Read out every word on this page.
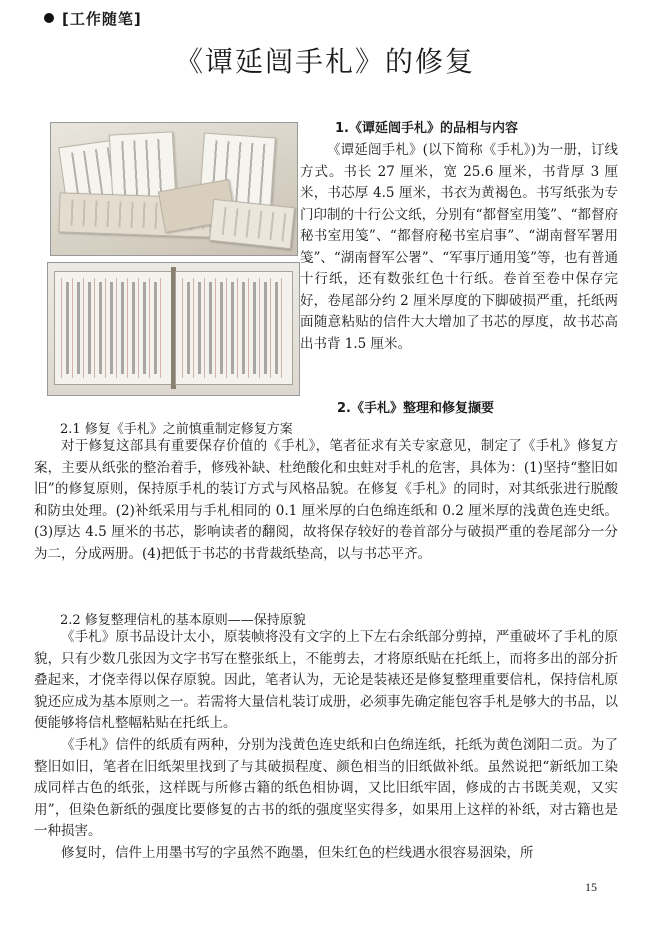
[工作随笔]
《谭延闿手札》的修复
1.《谭延闿手札》的品相与内容
《谭延闿手札》(以下简称《手札》)为一册，订线方式。书长 27 厘米，宽 25.6 厘米，书背厚 3 厘米，书芯厚 4.5 厘米，书衣为黄褐色。书写纸张为专门印制的十行公文纸，分别有“都督室用笺”、“都督府秘书室用笺”、“都督府秘书室启事”、“湖南督军署用笺”、“湖南督军公署”、“军事厅通用笺”等，也有普通十行纸，还有数张红色十行纸。卷首至卷中保存完好，卷尾部分约 2 厘米厚度的下脚破损严重，托纸两面随意粘贴的信件大大增加了书芯的厚度，故书芯高出书背 1.5 厘米。
2.《手札》整理和修复撷要
2.1 修复《手札》之前慎重制定修复方案
对于修复这部具有重要保存价值的《手札》，笔者征求有关专家意见，制定了《手札》修复方案，主要从纸张的整治着手，修残补缺、杜绝酸化和虫蛀对手札的危害，具体为：(1)坚持“整旧如旧”的修复原则，保持原手札的装订方式与风格品貌。在修复《手札》的同时，对其纸张进行脱酸和防虫处理。(2)补纸采用与手札相同的 0.1 厘米厚的白色绵连纸和 0.2 厘米厚的浅黄色连史纸。(3)厚达 4.5 厘米的书芯，影响读者的翻阅，故将保存较好的卷首部分与破损严重的卷尾部分一分为二，分成两册。(4)把低于书芯的书背裁纸垫高，以与书芯平齐。
2.2 修复整理信札的基本原则——保持原貌
《手札》原书品设计太小，原装帧将没有文字的上下左右余纸部分剪掉，严重破坏了手札的原貌，只有少数几张因为文字书写在整张纸上，不能剪去，才将原纸贴在托纸上，而将多出的部分折叠起来，才侥幸得以保存原貌。因此，笔者认为，无论是装裱还是修复整理重要信札，保持信札原貌还应成为基本原则之一。若需将大量信札装订成册，必须事先确定能包容手札是够大的书品，以便能够将信札整幅粘贴在托纸上。
《手札》信件的纸质有两种，分别为浅黄色连史纸和白色绵连纸，托纸为黄色浏阳二贡。为了整旧如旧，笔者在旧纸架里找到了与其破损程度、颜色相当的旧纸做补纸。虽然说把“新纸加工染成同样古色的纸张，这样既与所修古籍的纸色相协调，又比旧纸牢固，修成的古书既美观，又实用”，但染色新纸的强度比要修复的古书的纸的强度坚实得多，如果用上这样的补纸，对古籍也是一种损害。
修复时，信件上用墨书写的字虽然不跑墨，但朱红色的栏线遇水很容易洇染，所
15
